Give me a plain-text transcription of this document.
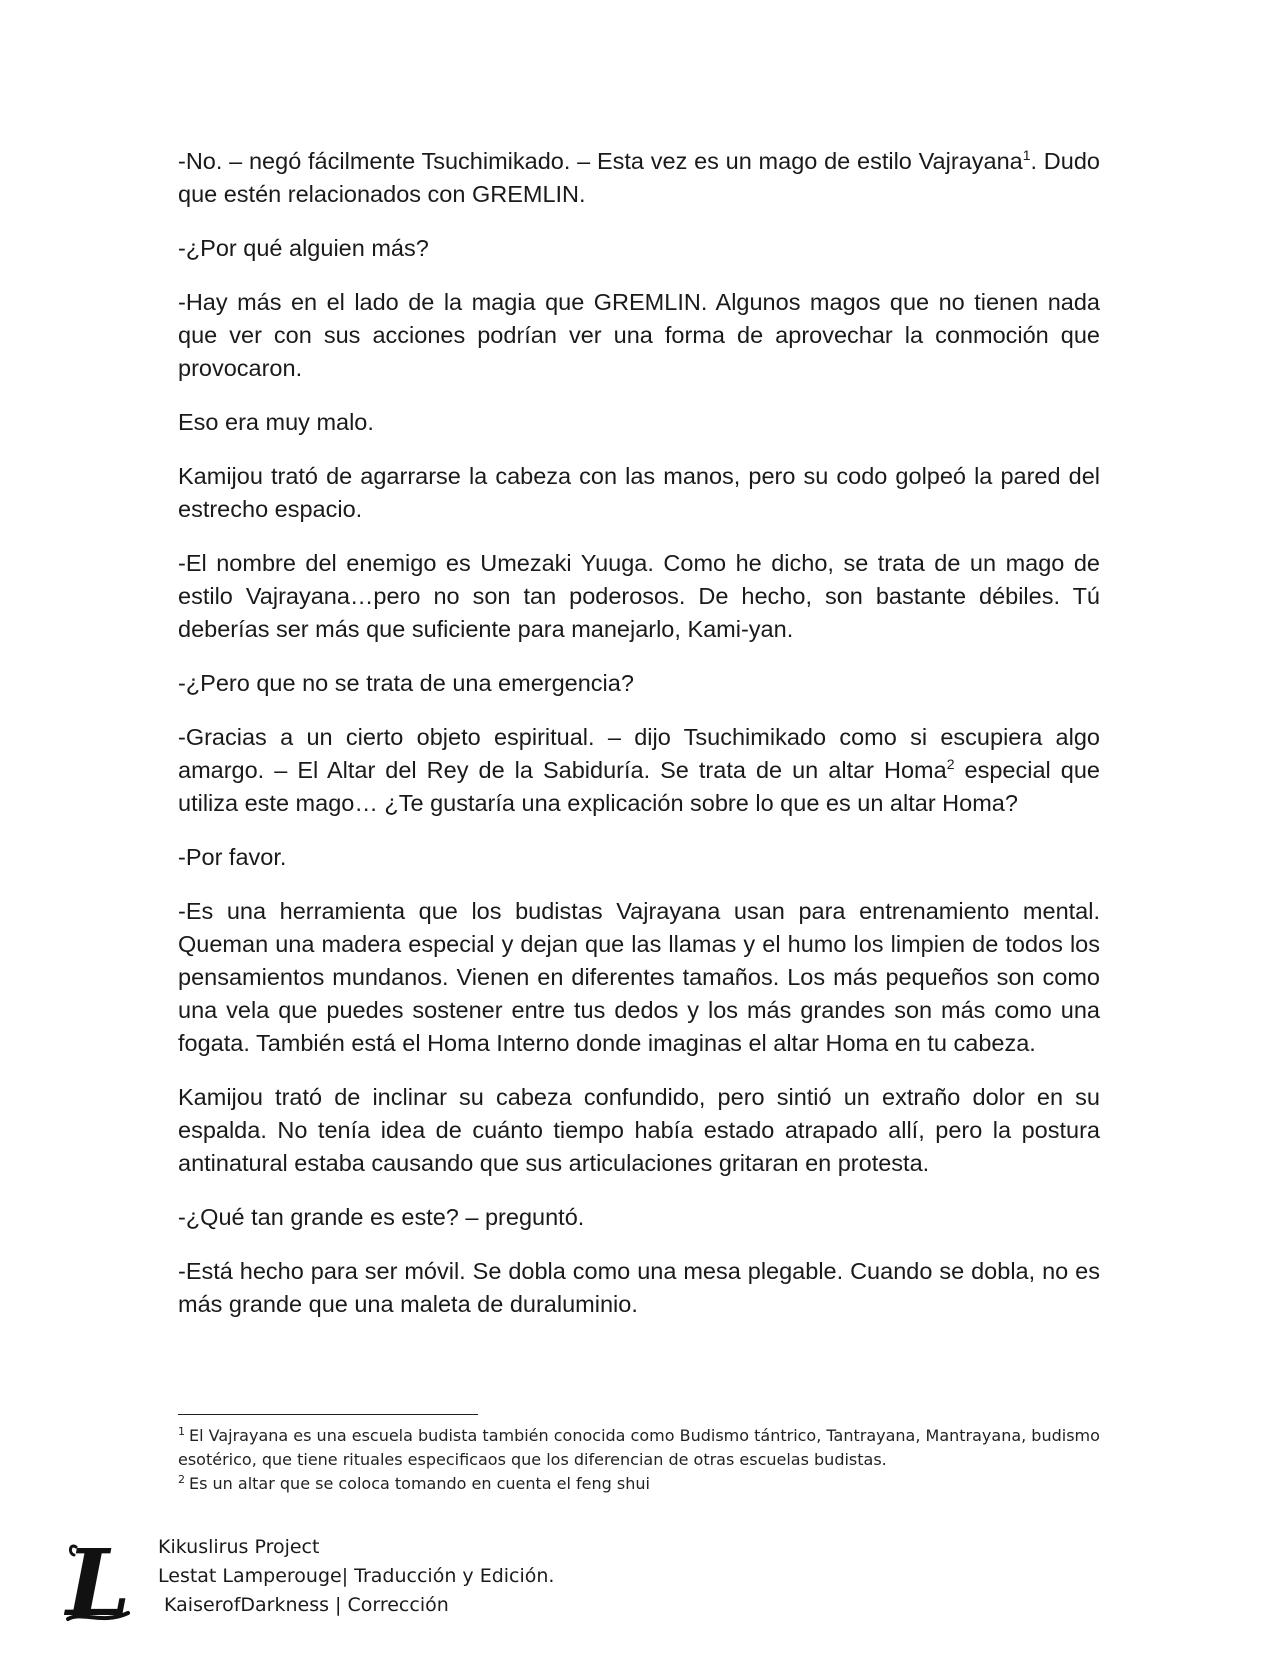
-No. – negó fácilmente Tsuchimikado. – Esta vez es un mago de estilo Vajrayana$^1$. Dudo que estén relacionados con GREMLIN.

-¿Por qué alguien más?

-Hay más en el lado de la magia que GREMLIN. Algunos magos que no tienen nada que ver con sus acciones podrían ver una forma de aprovechar la conmoción que provocaron.

Eso era muy malo.

Kamijou trató de agarrarse la cabeza con las manos, pero su codo golpeó la pared del estrecho espacio.

-El nombre del enemigo es Umezaki Yuuga. Como he dicho, se trata de un mago de estilo Vajrayana…pero no son tan poderosos. De hecho, son bastante débiles. Tú deberías ser más que suficiente para manejarlo, Kami-yan.

-¿Pero que no se trata de una emergencia?

-Gracias a un cierto objeto espiritual. – dijo Tsuchimikado como si escupiera algo amargo. – El Altar del Rey de la Sabiduría. Se trata de un altar Homa$^2$ especial que utiliza este mago… ¿Te gustaría una explicación sobre lo que es un altar Homa?

-Por favor.

-Es una herramienta que los budistas Vajrayana usan para entrenamiento mental. Queman una madera especial y dejan que las llamas y el humo los limpien de todos los pensamientos mundanos. Vienen en diferentes tamaños. Los más pequeños son como una vela que puedes sostener entre tus dedos y los más grandes son más como una fogata. También está el Homa Interno donde imaginas el altar Homa en tu cabeza.

Kamijou trató de inclinar su cabeza confundido, pero sintió un extraño dolor en su espalda. No tenía idea de cuánto tiempo había estado atrapado allí, pero la postura antinatural estaba causando que sus articulaciones gritaran en protesta.

-¿Qué tan grande es este? – preguntó.

-Está hecho para ser móvil. Se dobla como una mesa plegable. Cuando se dobla, no es más grande que una maleta de duraluminio.

$^1$ El Vajrayana es una escuela budista también conocida como Budismo tántrico, Tantrayana, Mantrayana, budismo esotérico, que tiene rituales especificaos que los diferencian de otras escuelas budistas.

$^2$ Es un altar que se coloca tomando en cuenta el feng shui

L Kikuslirus Project
Lestat Lamperouge| Traducción y Edición.
KaiserofDarkness | Corrección
